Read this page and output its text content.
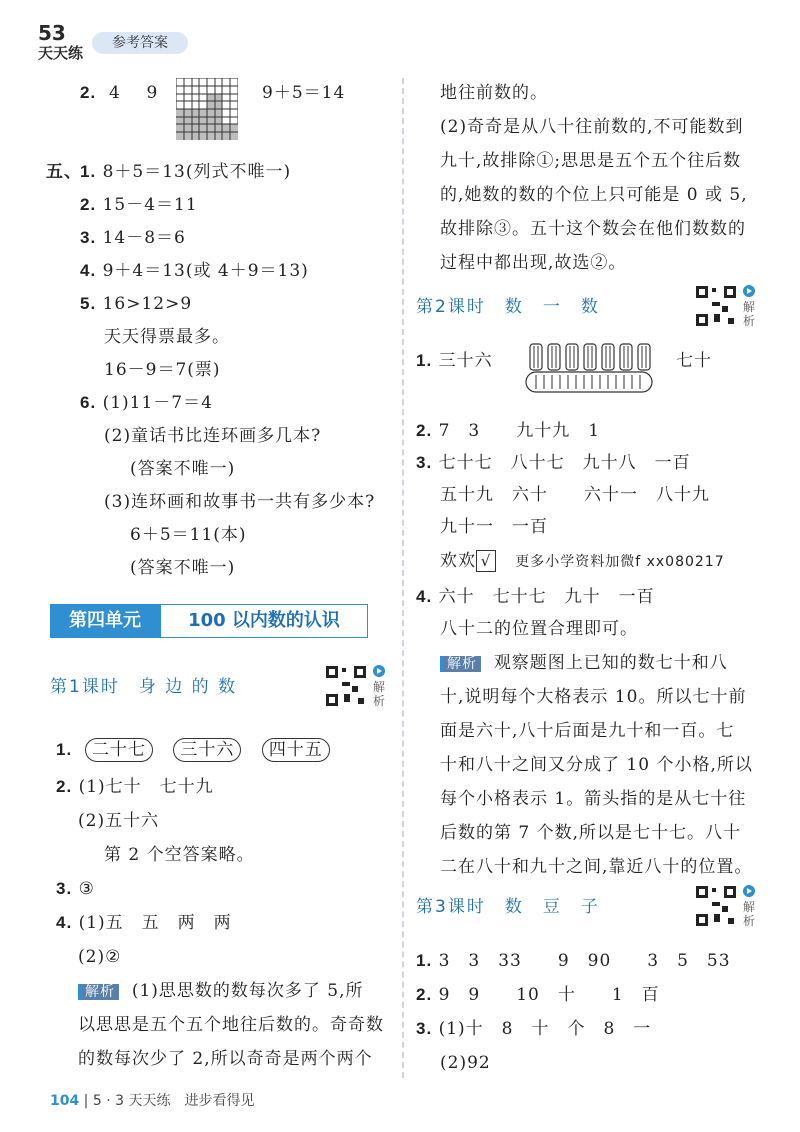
53
天天练
参考答案
2. 4 9	9＋5＝14
五、
1. 8＋5＝13(列式不唯一)
2. 15－4＝11
3. 14－8＝6
4. 9＋4＝13(或 4＋9＝13)
5. 16>12>9
天天得票最多。
16－9＝7(票)
6. (1)11－7＝4
(2)童话书比连环画多几本?
(答案不唯一)
(3)连环画和故事书一共有多少本?
6＋5＝11(本)
(答案不唯一)
第四单元	100 以内数的认识
第1课时　身 边 的 数	解析
1. 二十七 三十六 四十五
2. (1)七十　七十九
(2)五十六
第 2 个空答案略。
3. ③
4. (1)五　五　两　两
(2)②
解析 (1)思思数的数每次多了 5,所
以思思是五个五个地往后数的。奇奇数
的数每次少了 2,所以奇奇是两个两个
地往前数的。
(2)奇奇是从八十往前数的,不可能数到
九十,故排除①;思思是五个五个往后数
的,她数的数的个位上只可能是 0 或 5,
故排除③。五十这个数会在他们数数的
过程中都出现,故选②。
第2课时　数　一　数	解析
1. 三十六	七十
2. 7　3　　九十九　1
3. 七十七　八十七　九十八　一百
五十九　六十　　六十一　八十九
九十一　一百
欢欢 √ 更多小学资料加微f xx080217
4. 六十　七十七　九十　一百
八十二的位置合理即可。
解析 观察题图上已知的数七十和八
十,说明每个大格表示 10。所以七十前
面是六十,八十后面是九十和一百。七
十和八十之间又分成了 10 个小格,所以
每个小格表示 1。箭头指的是从七十往
后数的第 7 个数,所以是七十七。八十
二在八十和九十之间,靠近八十的位置。
第3课时　数　豆　子	解析
1. 3　3　33　　9　90　　3　5　53
2. 9　9　　10　十　　1　百
3. (1)十　8　十　个　8　一
(2)92
104 | 5 · 3 天天练　进步看得见
